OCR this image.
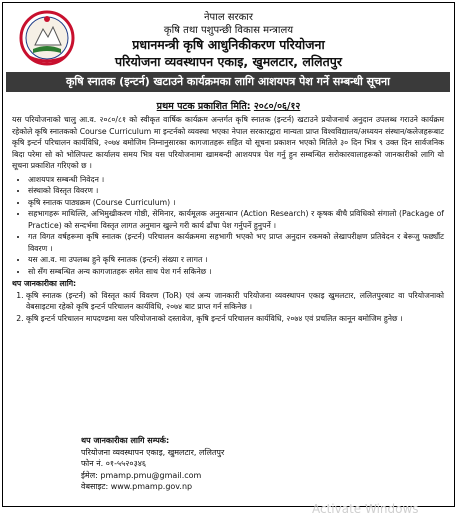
नेपाल सरकार
कृषि तथा पशुपन्छी विकास मन्त्रालय
प्रधानमन्त्री कृषि आधुनिकीकरण परियोजना
परियोजना व्यवस्थापन एकाइ, खुमलटार, ललितपुर
कृषि स्नातक (इन्टर्न) खटाउने कार्यक्रमका लागि आशयपत्र पेश गर्ने सम्बन्धी सूचना
प्रथम पटक प्रकाशित मिति: २०८०/०६/१२

यस परियोजनाको चालु आ.व. २०८०/८१ को स्वीकृत वार्षिक कार्यक्रम अन्तर्गत कृषि स्नातक (इन्टर्न) खटाउने प्रयोजनार्थ अनुदान उपलब्ध गराउने कार्यक्रम रहेकोले कृषि स्नातकको Course Curriculum मा इन्टर्नको व्यवस्था भएका नेपाल सरकारद्वारा मान्यता प्राप्त विश्वविद्यालय/अध्ययन संस्थान/कलेजहरूबाट कृषि इन्टर्न परिचालन कार्यविधि, २०७४ बमोजिम निम्नानुसारका कागजातहरू सहित यो सूचना प्रकाशन भएको मितिले ३० दिन भित्र ९ उक्त दिन सार्वजनिक बिदा परेमा सो को भोलिपल्ट कार्यालय समय भित्र यस परियोजनामा खामबन्दी आशयपत्र पेश गर्नु हुन सम्बन्धित सरोकारवालाहरूको जानकारीको लागि यो सूचना प्रकाशित गरिएको छ ।

• आशयपत्र सम्बन्धी निवेदन ।
• संस्थाको विस्तृत विवरण ।
• कृषि स्नातक पाठ्यक्रम (Course Curriculum) ।
• सहभागहरू माथिल्लि, अभिमुखीकरण गोष्ठी, सेमिनार, कार्यमूलक अनुसन्धान (Action Research) र कृषक बीचै प्रविधिको संगालो (Package of Practice) को सन्दर्भमा विस्तृत लागत अनुमान खुल्ने गरी कार्य ढाँचा पेश गर्नुपर्ने हुनुपर्ने ।
• गत विगत वर्षहरूमा कृषि स्नातक (इन्टर्न) परिचालन कार्यक्रममा सहभागी भएको भए प्राप्त अनुदान रकमको लेखापरीक्षण प्रतिवेदन र बेरूजु फर्छ्यौट विवरण ।
• यस आ.व. मा उपलब्ध हुने कृषि स्नातक (इन्टर्न) संख्या र लागत ।
• सो सँग सम्बन्धित अन्य कागजातहरू समेत साथ पेश गर्न सकिनेछ ।

थप जानकारीका लागि:

1. कृषि स्नातक (इन्टर्न) को विस्तृत कार्य विवरण (ToR) एवं अन्य जानकारी परियोजना व्यवस्थापन एकाइ खुमलटार, ललितपुरबाट वा परियोजनाको वेबसाइटमा रहेको कृषि इन्टर्न परिचालन कार्यविधि, २०७४ बाट प्राप्त गर्न सकिनेछ ।
2. कृषि इन्टर्न परिचालन मापदण्डमा यस परियोजनाको दस्तावेज, कृषि इन्टर्न परिचालन कार्यविधि, २०७४ एवं प्रचलित कानून बमोजिम हुनेछ ।
थप जानकारीका लागि सम्पर्क:
परियोजना व्यवस्थापन एकाइ, खुमलटार, ललितपुर
फोन नं. ०१-५५२०३४६
ईमेल: pmamp.pmu@gmail.com
वेबसाइट: www.pmamp.gov.np
Activate Windows
